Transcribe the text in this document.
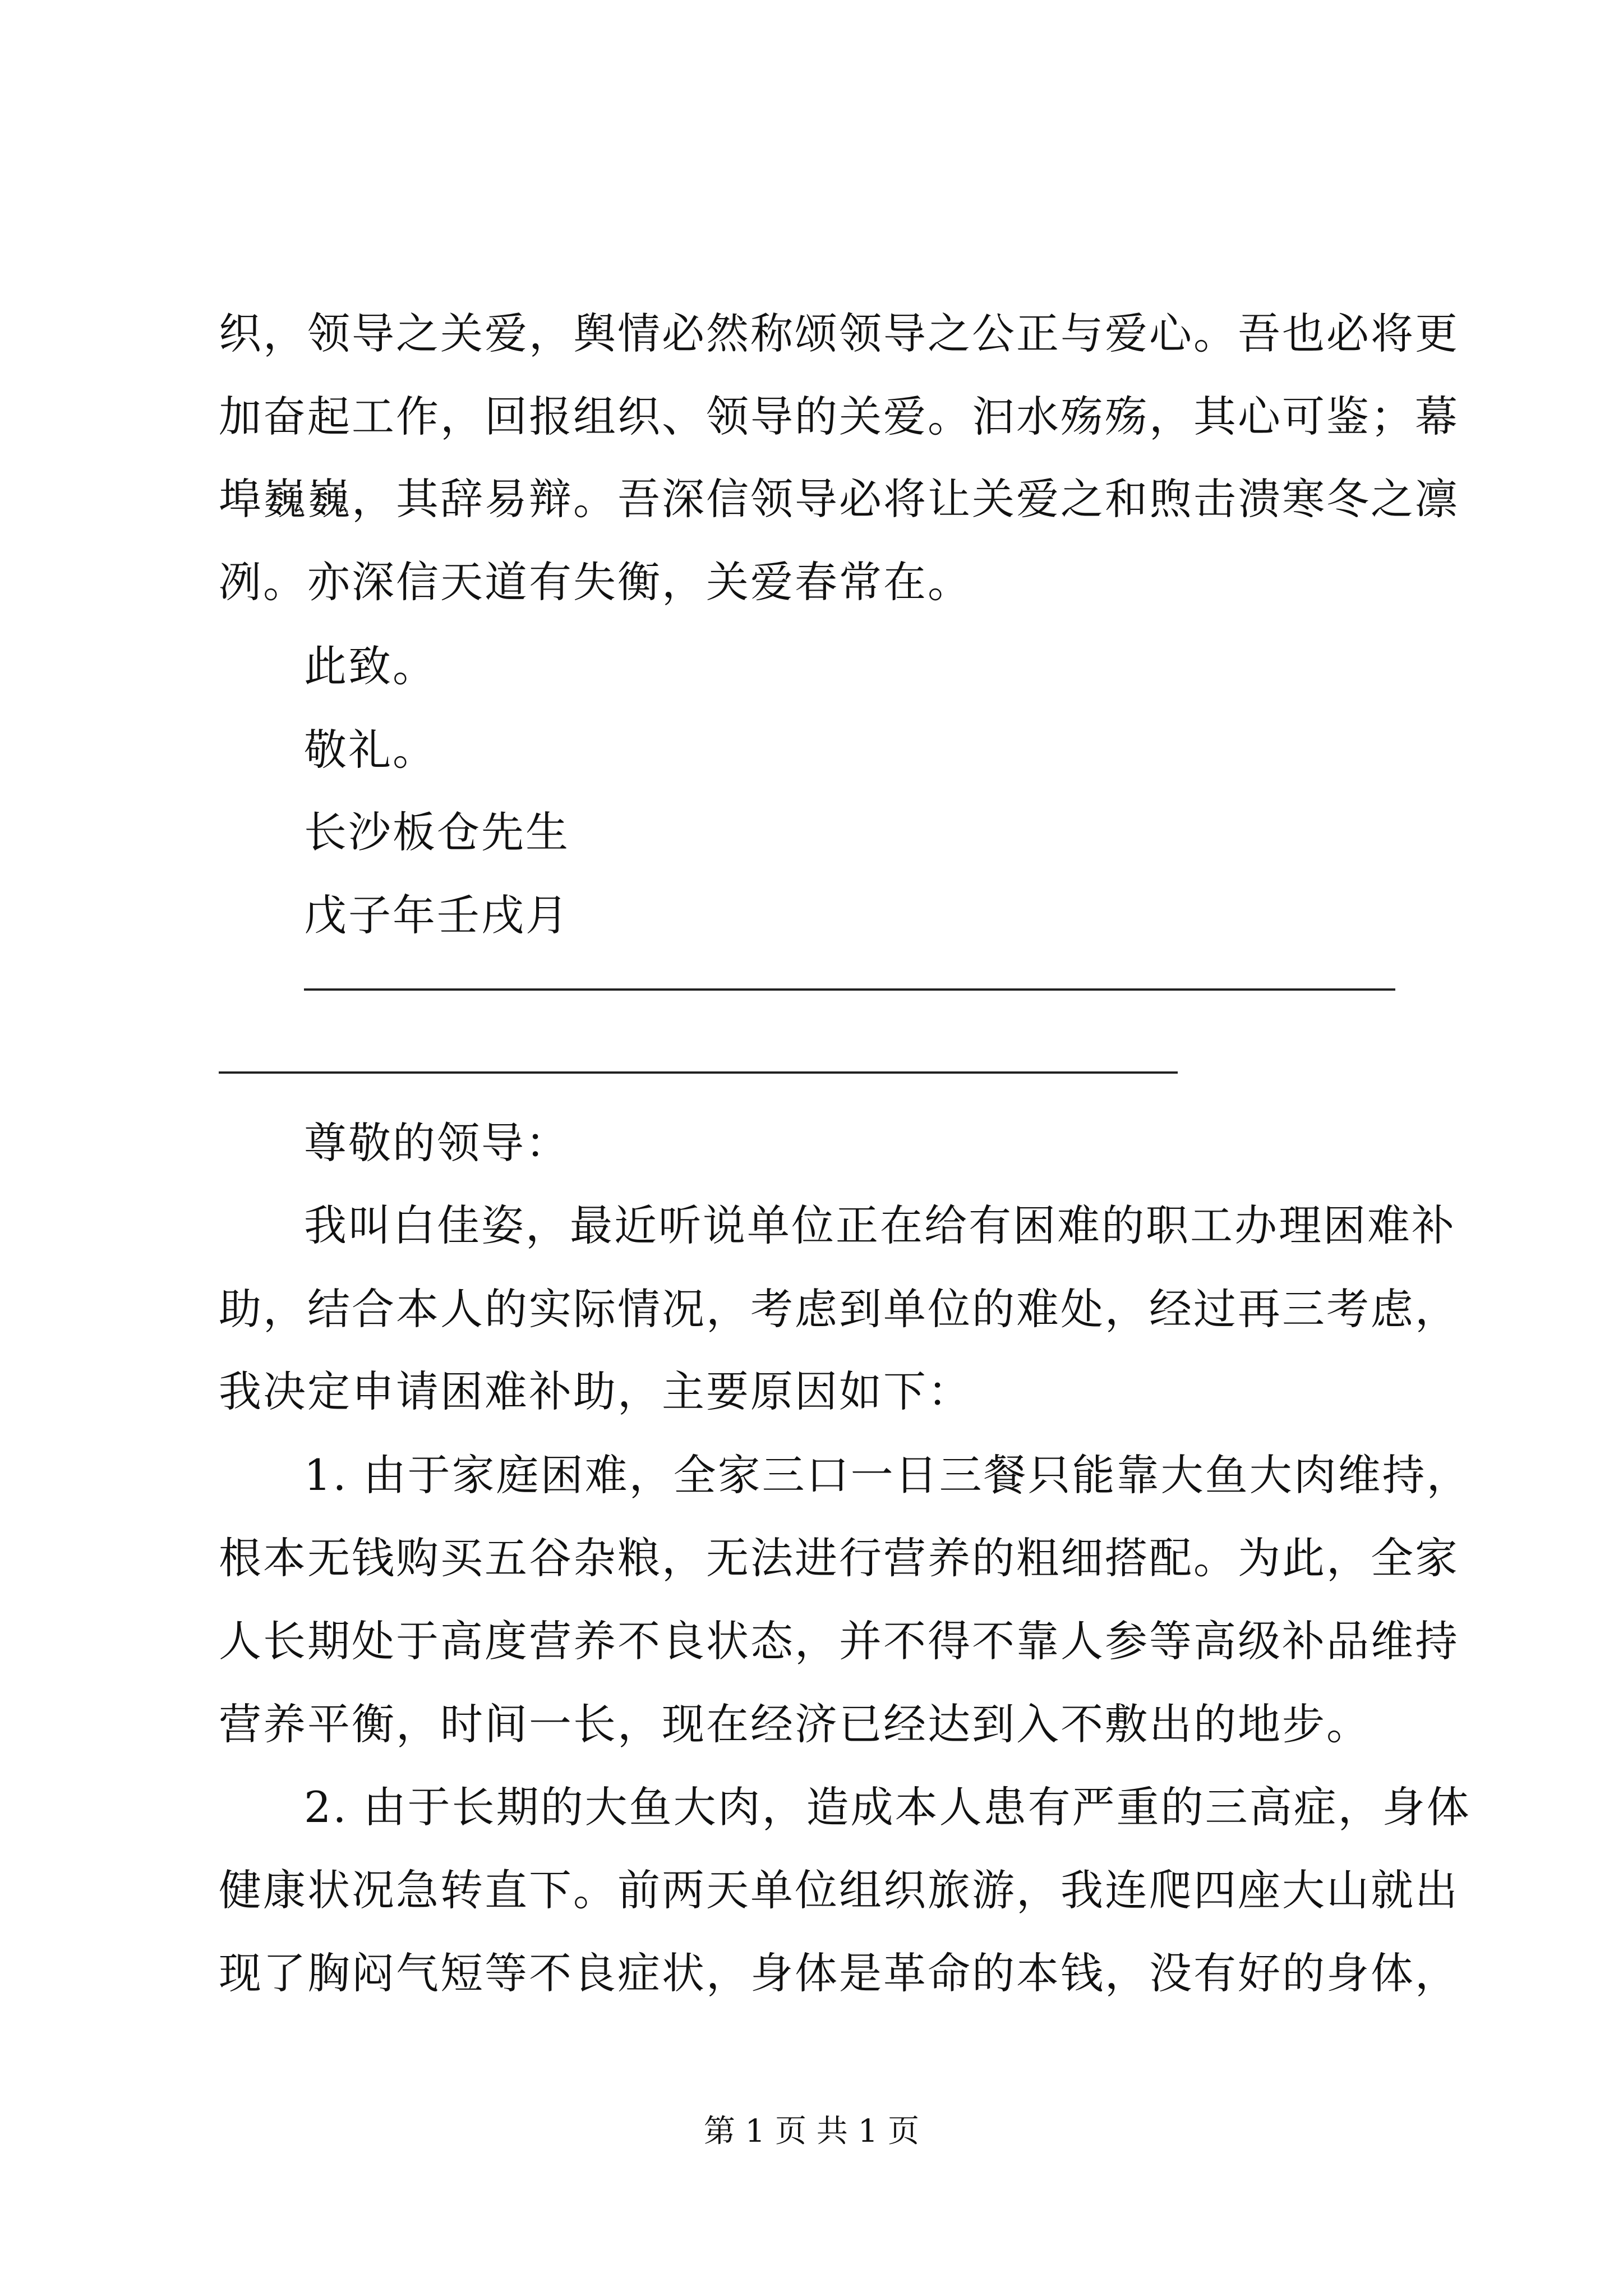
织，领导之关爱，舆情必然称颂领导之公正与爱心。吾也必将更
加奋起工作，回报组织、领导的关爱。汩水殇殇，其心可鉴；幕
埠巍巍，其辞易辩。吾深信领导必将让关爱之和煦击溃寒冬之凛
冽。亦深信天道有失衡，关爱春常在。
此致。
敬礼。
长沙板仓先生
戊子年壬戌月
尊敬的领导：
我叫白佳姿，最近听说单位正在给有困难的职工办理困难补
助，结合本人的实际情况，考虑到单位的难处，经过再三考虑，
我决定申请困难补助，主要原因如下：
1. 由于家庭困难，全家三口一日三餐只能靠大鱼大肉维持，
根本无钱购买五谷杂粮，无法进行营养的粗细搭配。为此，全家
人长期处于高度营养不良状态，并不得不靠人参等高级补品维持
营养平衡，时间一长，现在经济已经达到入不敷出的地步。
2. 由于长期的大鱼大肉，造成本人患有严重的三高症，身体
健康状况急转直下。前两天单位组织旅游，我连爬四座大山就出
现了胸闷气短等不良症状，身体是革命的本钱，没有好的身体，
第 1 页 共 1 页
